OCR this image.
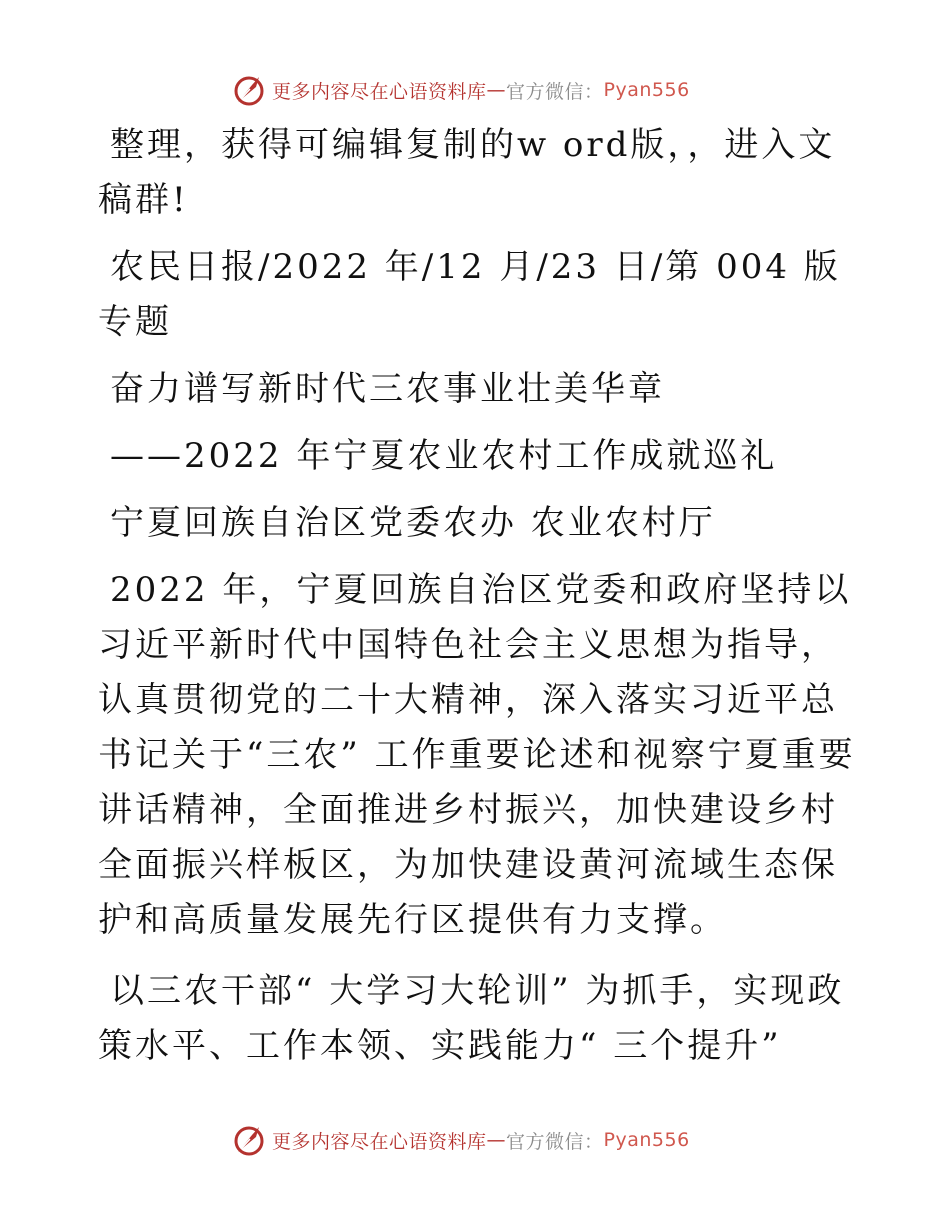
更多内容尽在心语资料库 — 官方微信： Pyan556

整理，获得可编辑复制的w ord版，，进入文稿群!

农民日报/2022 年/12 月/23 日/第 004 版专题

奋力谱写新时代三农事业壮美华章

——2022 年宁夏农业农村工作成就巡礼

宁夏回族自治区党委农办 农业农村厅

2022 年，宁夏回族自治区党委和政府坚持以习近平新时代中国特色社会主义思想为指导，认真贯彻党的二十大精神，深入落实习近平总书记关于“三农” 工作重要论述和视察宁夏重要讲话精神，全面推进乡村振兴，加快建设乡村全面振兴样板区，为加快建设黄河流域生态保护和高质量发展先行区提供有力支撑。

以三农干部“ 大学习大轮训” 为抓手，实现政策水平、工作本领、实践能力“ 三个提升”

更多内容尽在心语资料库 — 官方微信： Pyan556
